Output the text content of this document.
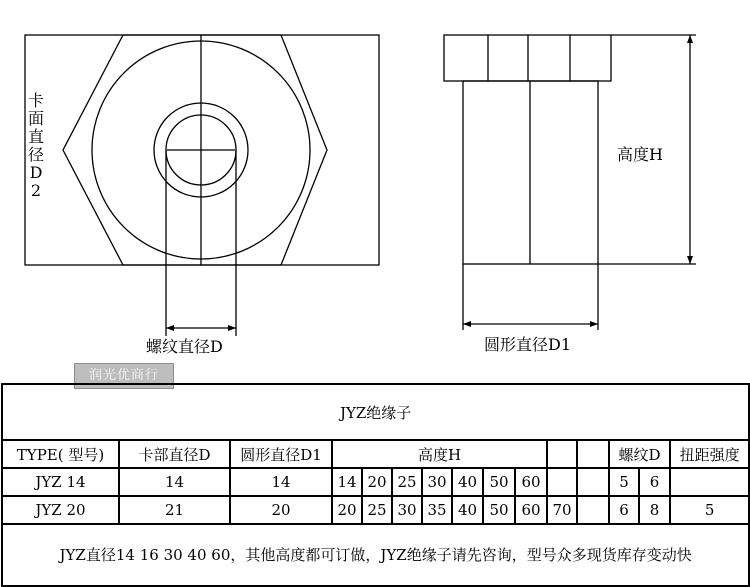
卡面直径D2
螺纹直径D
高度H
圆形直径D1
润光优商行
JYZ绝缘子														
TYPE( 型号)	卡部直径D	圆形直径D1	高度H									螺纹D		扭距强度
JYZ 14	14	14	14	20	25	30	40	50	60			5	6	
JYZ 20	21	20	20	25	30	35	40	50	60	70		6	8	5
JYZ直径14 16 30 40 60，其他高度都可订做，JYZ绝缘子请先咨询，型号众多现货库存变动快														
